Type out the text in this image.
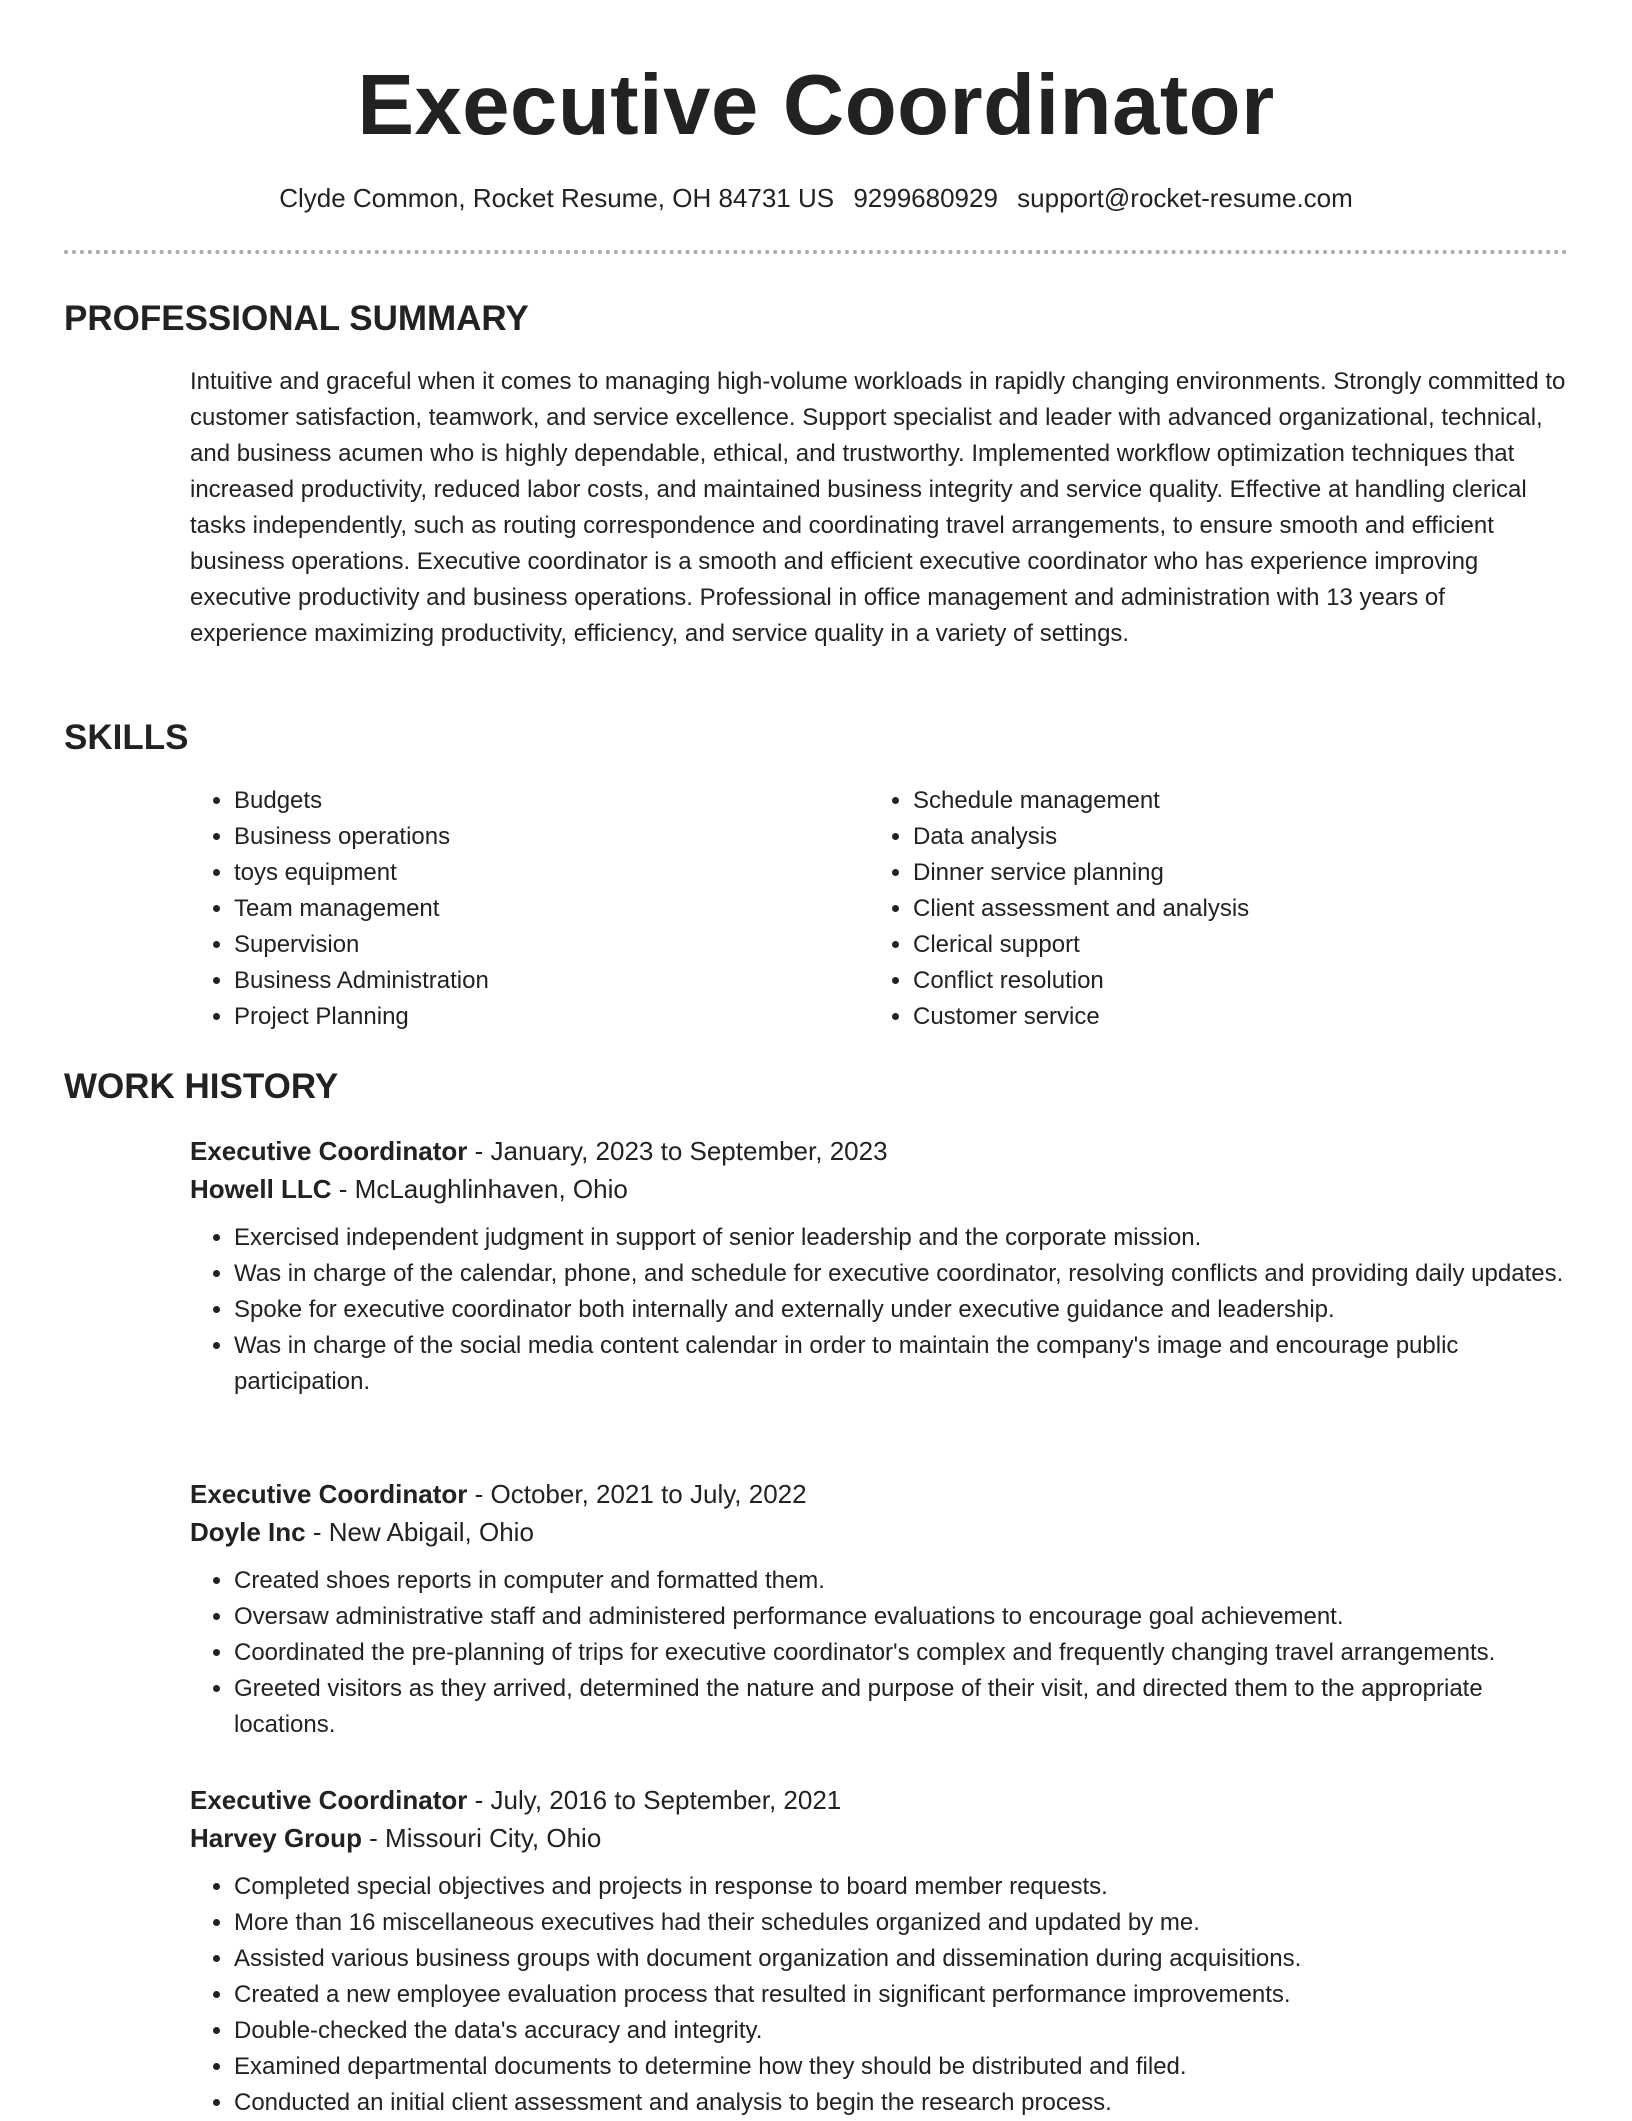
Executive Coordinator
Clyde Common, Rocket Resume, OH 84731 US 9299680929 support@rocket-resume.com
PROFESSIONAL SUMMARY

Intuitive and graceful when it comes to managing high-volume workloads in rapidly changing environments. Strongly committed to customer satisfaction, teamwork, and service excellence. Support specialist and leader with advanced organizational, technical, and business acumen who is highly dependable, ethical, and trustworthy. Implemented workflow optimization techniques that increased productivity, reduced labor costs, and maintained business integrity and service quality. Effective at handling clerical tasks independently, such as routing correspondence and coordinating travel arrangements, to ensure smooth and efficient business operations. Executive coordinator is a smooth and efficient executive coordinator who has experience improving executive productivity and business operations. Professional in office management and administration with 13 years of experience maximizing productivity, efficiency, and service quality in a variety of settings.

SKILLS
• Budgets
• Business operations
• toys equipment
• Team management
• Supervision
• Business Administration
• Project Planning
• Schedule management
• Data analysis
• Dinner service planning
• Client assessment and analysis
• Clerical support
• Conflict resolution
• Customer service
WORK HISTORY

Executive Coordinator - January, 2023 to September, 2023

Howell LLC - McLaughlinhaven, Ohio

• Exercised independent judgment in support of senior leadership and the corporate mission.
• Was in charge of the calendar, phone, and schedule for executive coordinator, resolving conflicts and providing daily updates.
• Spoke for executive coordinator both internally and externally under executive guidance and leadership.
• Was in charge of the social media content calendar in order to maintain the company's image and encourage public participation.

Executive Coordinator - October, 2021 to July, 2022

Doyle Inc - New Abigail, Ohio

• Created shoes reports in computer and formatted them.
• Oversaw administrative staff and administered performance evaluations to encourage goal achievement.
• Coordinated the pre-planning of trips for executive coordinator's complex and frequently changing travel arrangements.
• Greeted visitors as they arrived, determined the nature and purpose of their visit, and directed them to the appropriate locations.

Executive Coordinator - July, 2016 to September, 2021

Harvey Group - Missouri City, Ohio

• Completed special objectives and projects in response to board member requests.
• More than 16 miscellaneous executives had their schedules organized and updated by me.
• Assisted various business groups with document organization and dissemination during acquisitions.
• Created a new employee evaluation process that resulted in significant performance improvements.
• Double-checked the data's accuracy and integrity.
• Examined departmental documents to determine how they should be distributed and filed.
• Conducted an initial client assessment and analysis to begin the research process.
